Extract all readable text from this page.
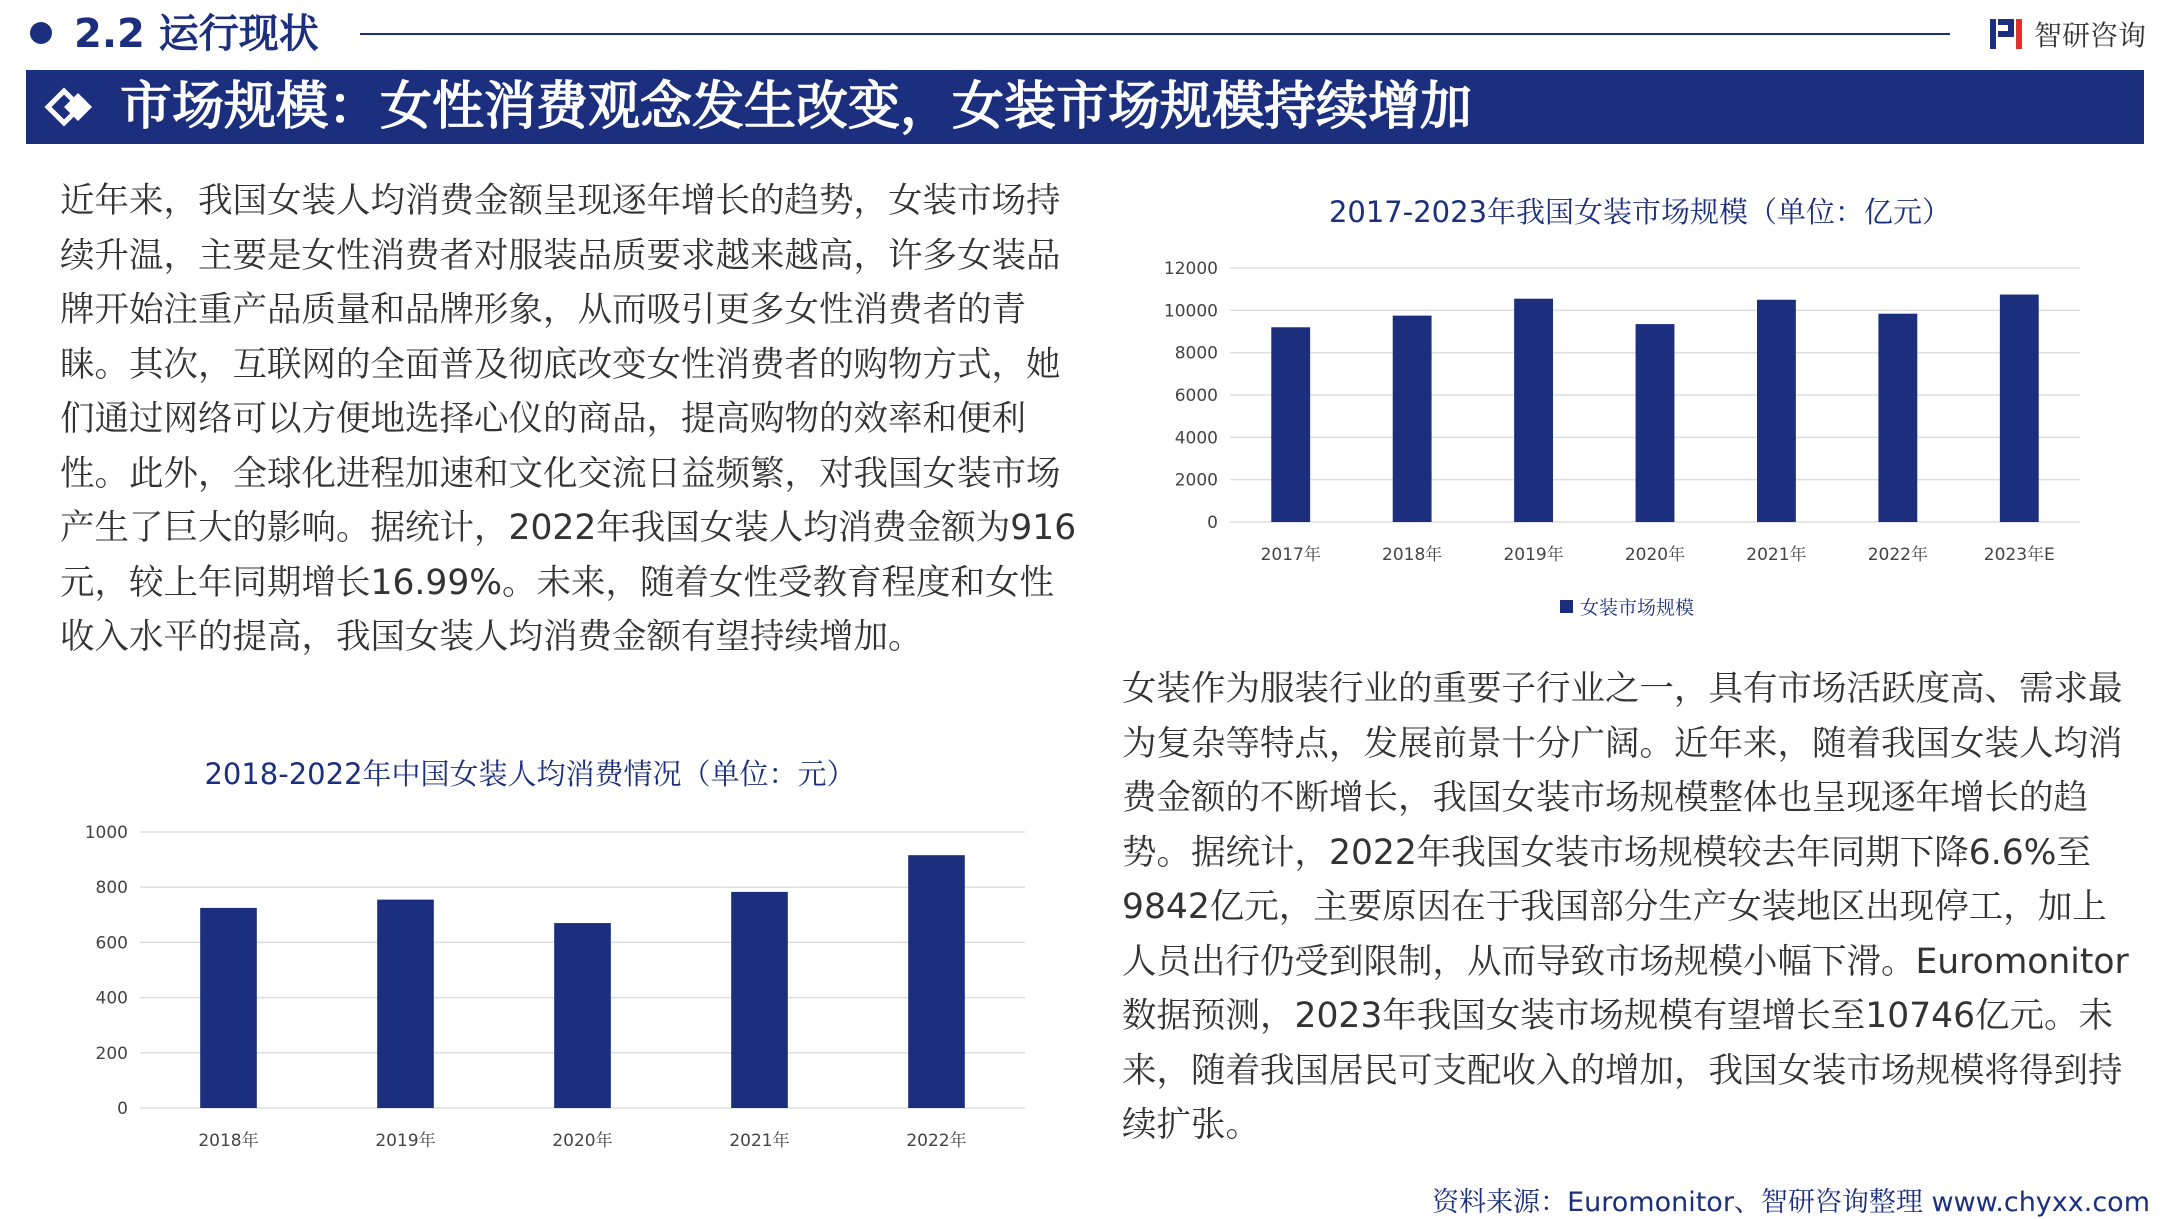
2.2 运行现状	智研咨询
市场规模：女性消费观念发生改变，女装市场规模持续增加
近年来，我国女装人均消费金额呈现逐年增长的趋势，女装市场持续升温，主要是女性消费者对服装品质要求越来越高，许多女装品牌开始注重产品质量和品牌形象，从而吸引更多女性消费者的青睐。其次，互联网的全面普及彻底改变女性消费者的购物方式，她们通过网络可以方便地选择心仪的商品，提高购物的效率和便利性。此外，全球化进程加速和文化交流日益频繁，对我国女装市场产生了巨大的影响。据统计，2022年我国女装人均消费金额为916元，较上年同期增长16.99%。未来，随着女性受教育程度和女性收入水平的提高，我国女装人均消费金额有望持续增加。
女装作为服装行业的重要子行业之一，具有市场活跃度高、需求最为复杂等特点，发展前景十分广阔。近年来，随着我国女装人均消费金额的不断增长，我国女装市场规模整体也呈现逐年增长的趋势。据统计，2022年我国女装市场规模较去年同期下降6.6%至9842亿元，主要原因在于我国部分生产女装地区出现停工，加上人员出行仍受到限制，从而导致市场规模小幅下滑。Euromonitor数据预测，2023年我国女装市场规模有望增长至10746亿元。未来，随着我国居民可支配收入的增加，我国女装市场规模将得到持续扩张。
2017-2023年我国女装市场规模（单位：亿元）
0
2000
4000
6000
8000
10000
12000
2017年	2018年	2019年	2020年	2021年	2022年	2023年E
女装市场规模
2018-2022年中国女装人均消费情况（单位：元）
0
200
400
600
800
1000
2018年	2019年	2020年	2021年	2022年
资料来源：Euromonitor、智研咨询整理 www.chyxx.com
